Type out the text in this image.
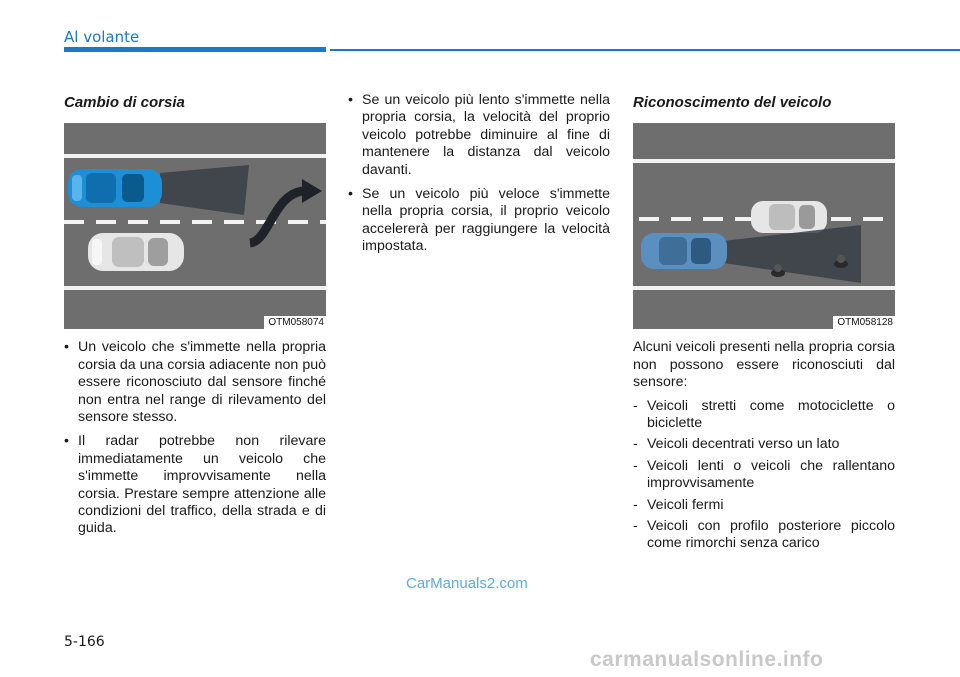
Al volante
Cambio di corsia
OTM058074
• Un veicolo che s'immette nella propria corsia da una corsia adiacente non può essere riconosciuto dal sensore finché non entra nel range di rilevamento del sensore stesso.
• Il radar potrebbe non rilevare immediatamente un veicolo che s'immette improvvisamente nella corsia. Prestare sempre attenzione alle condizioni del traffico, della strada e di guida.
• Se un veicolo più lento s'immette nella propria corsia, la velocità del proprio veicolo potrebbe diminuire al fine di mantenere la distanza dal veicolo davanti.
• Se un veicolo più veloce s'immette nella propria corsia, il proprio veicolo accelererà per raggiungere la velocità impostata.
Riconoscimento del veicolo
OTM058128

Alcuni veicoli presenti nella propria corsia non possono essere riconosciuti dal sensore:

- Veicoli stretti come motociclette o biciclette
- Veicoli decentrati verso un lato
- Veicoli lenti o veicoli che rallentano improvvisamente
- Veicoli fermi
- Veicoli con profilo posteriore piccolo come rimorchi senza carico
CarManuals2.com
5-166
carmanualsonline.info
